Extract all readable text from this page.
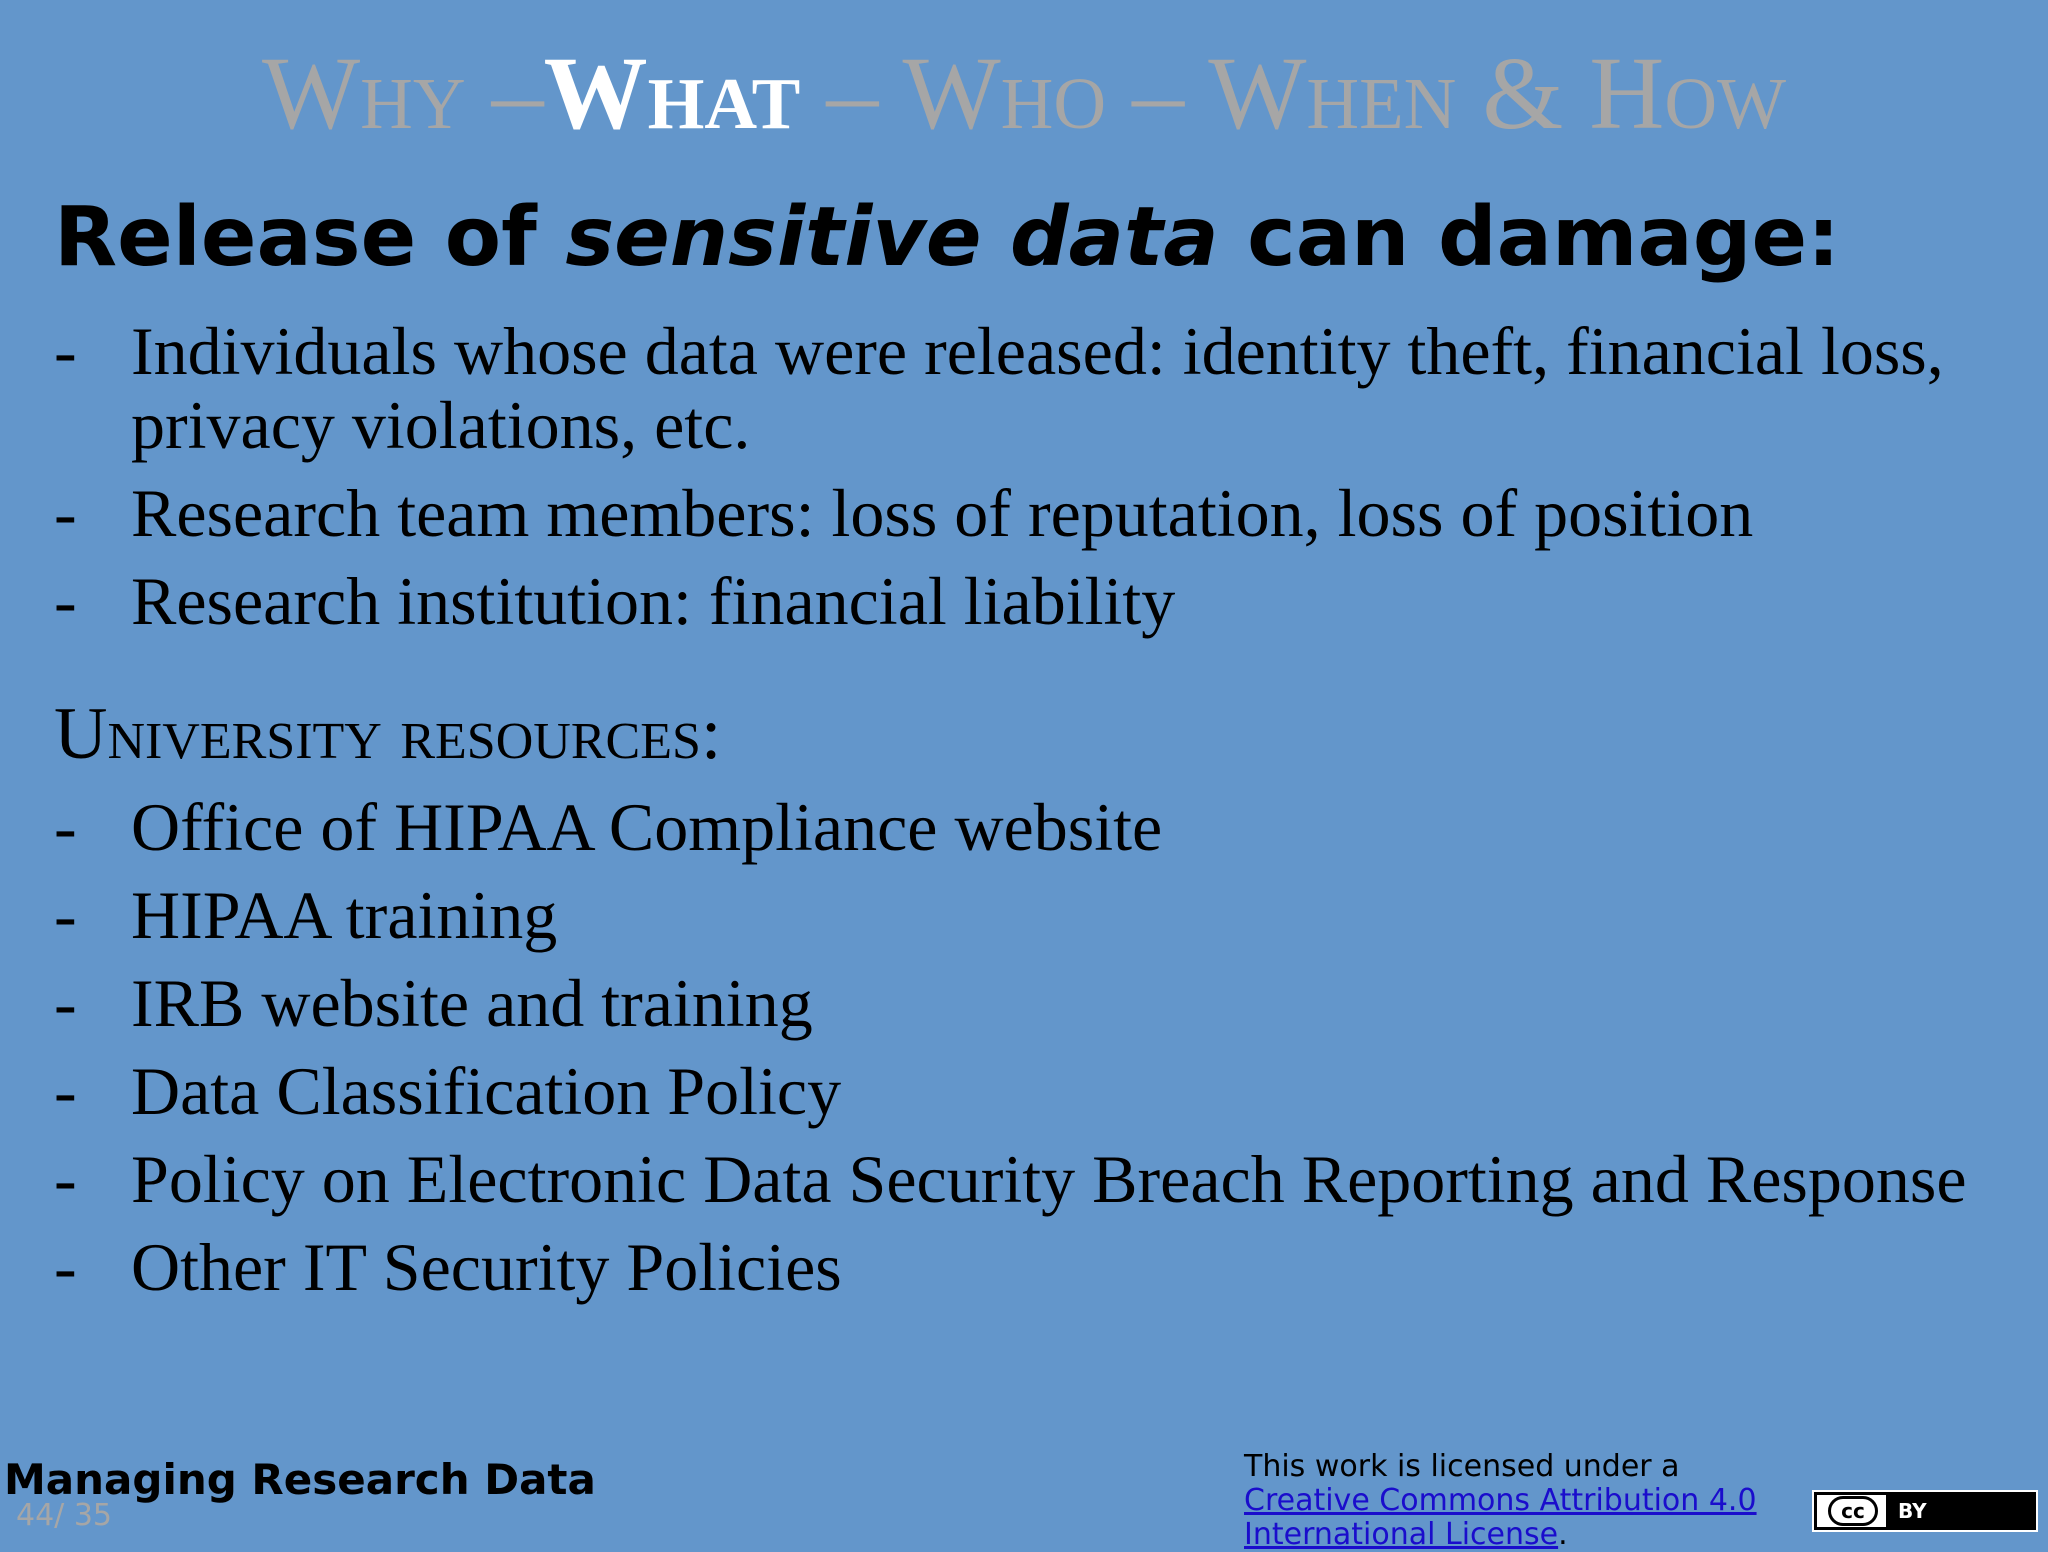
Why –What – Who – When & How
Release of sensitive data can damage:
- Individuals whose data were released: identity theft, financial loss, privacy violations, etc.
- Research team members: loss of reputation, loss of position
- Research institution: financial liability
University resources:
- Office of HIPAA Compliance website
- HIPAA training
- IRB website and training
- Data Classification Policy
- Policy on Electronic Data Security Breach Reporting and Response
- Other IT Security Policies
Managing Research Data
44/ 35
This work is licensed under a Creative Commons Attribution 4.0 International License.
cc	BY
